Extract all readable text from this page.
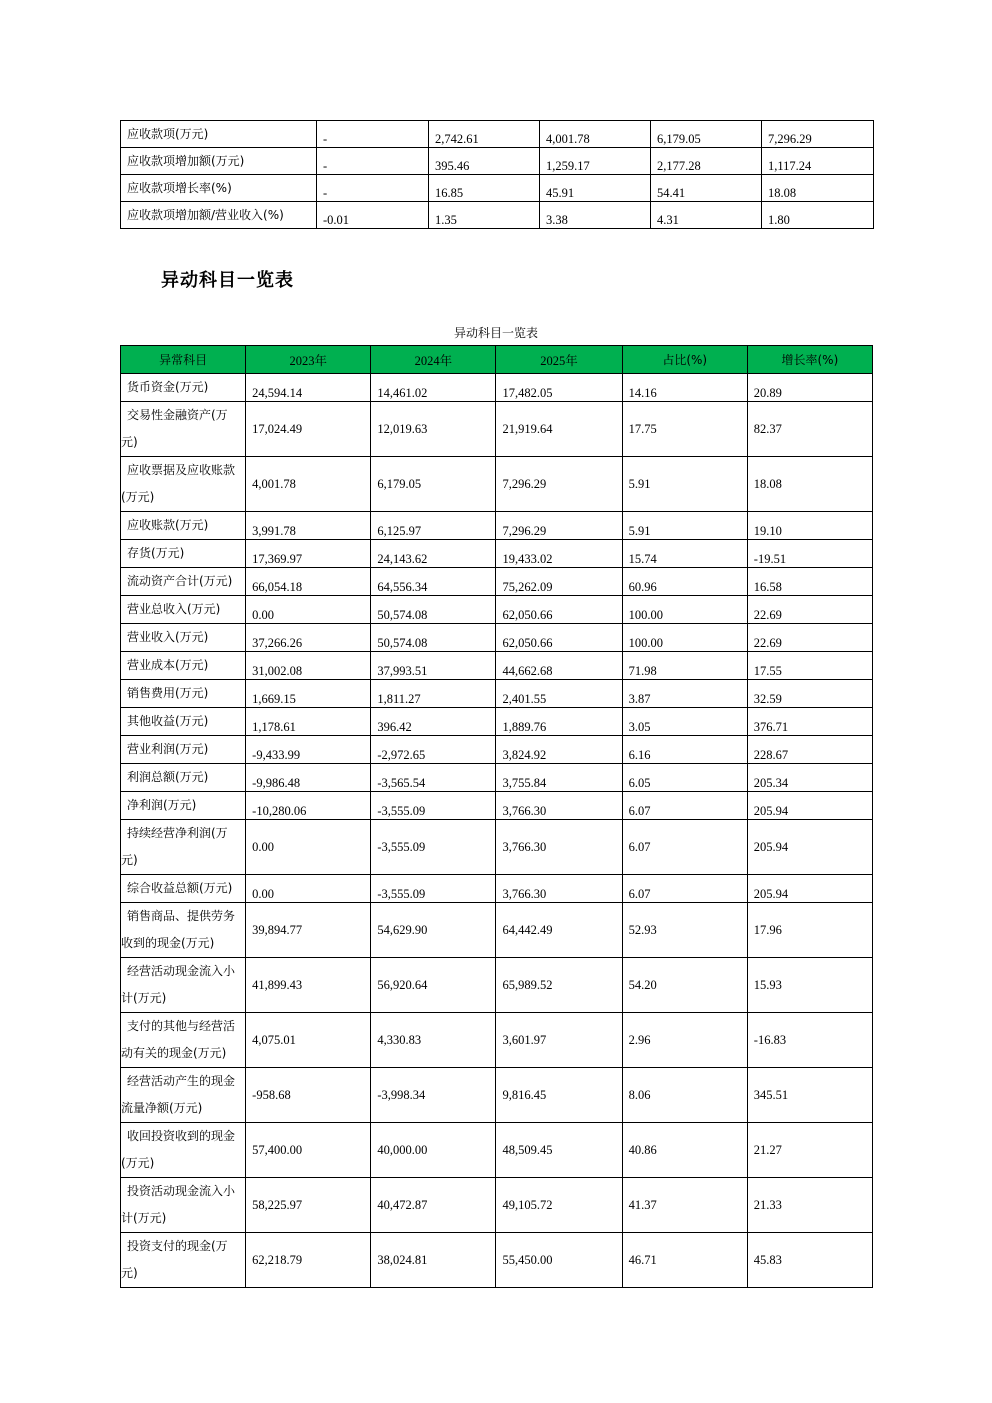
应收款项(万元)	-	2,742.61	4,001.78	6,179.05	7,296.29
应收款项增加额(万元)	-	395.46	1,259.17	2,177.28	1,117.24
应收款项增长率(%)	-	16.85	45.91	54.41	18.08
应收款项增加额/营业收入(%)	-0.01	1.35	3.38	4.31	1.80
异动科目一览表
异动科目一览表
异常科目	2023年	2024年	2025年	占比(%)	增长率(%)
货币资金(万元)	24,594.14	14,461.02	17,482.05	14.16	20.89

交易性金融资产(万
元)	17,024.49	12,019.63	21,919.64	17.75	82.37

应收票据及应收账款
(万元)	4,001.78	6,179.05	7,296.29	5.91	18.08
应收账款(万元)	3,991.78	6,125.97	7,296.29	5.91	19.10
存货(万元)	17,369.97	24,143.62	19,433.02	15.74	-19.51
流动资产合计(万元)	66,054.18	64,556.34	75,262.09	60.96	16.58
营业总收入(万元)	0.00	50,574.08	62,050.66	100.00	22.69
营业收入(万元)	37,266.26	50,574.08	62,050.66	100.00	22.69
营业成本(万元)	31,002.08	37,993.51	44,662.68	71.98	17.55
销售费用(万元)	1,669.15	1,811.27	2,401.55	3.87	32.59
其他收益(万元)	1,178.61	396.42	1,889.76	3.05	376.71
营业利润(万元)	-9,433.99	-2,972.65	3,824.92	6.16	228.67
利润总额(万元)	-9,986.48	-3,565.54	3,755.84	6.05	205.34
净利润(万元)	-10,280.06	-3,555.09	3,766.30	6.07	205.94

持续经营净利润(万
元)	0.00	-3,555.09	3,766.30	6.07	205.94
综合收益总额(万元)	0.00	-3,555.09	3,766.30	6.07	205.94

销售商品、提供劳务
收到的现金(万元)	39,894.77	54,629.90	64,442.49	52.93	17.96

经营活动现金流入小
计(万元)	41,899.43	56,920.64	65,989.52	54.20	15.93

支付的其他与经营活
动有关的现金(万元)	4,075.01	4,330.83	3,601.97	2.96	-16.83

经营活动产生的现金
流量净额(万元)	-958.68	-3,998.34	9,816.45	8.06	345.51

收回投资收到的现金
(万元)	57,400.00	40,000.00	48,509.45	40.86	21.27

投资活动现金流入小
计(万元)	58,225.97	40,472.87	49,105.72	41.37	21.33

投资支付的现金(万
元)	62,218.79	38,024.81	55,450.00	46.71	45.83
